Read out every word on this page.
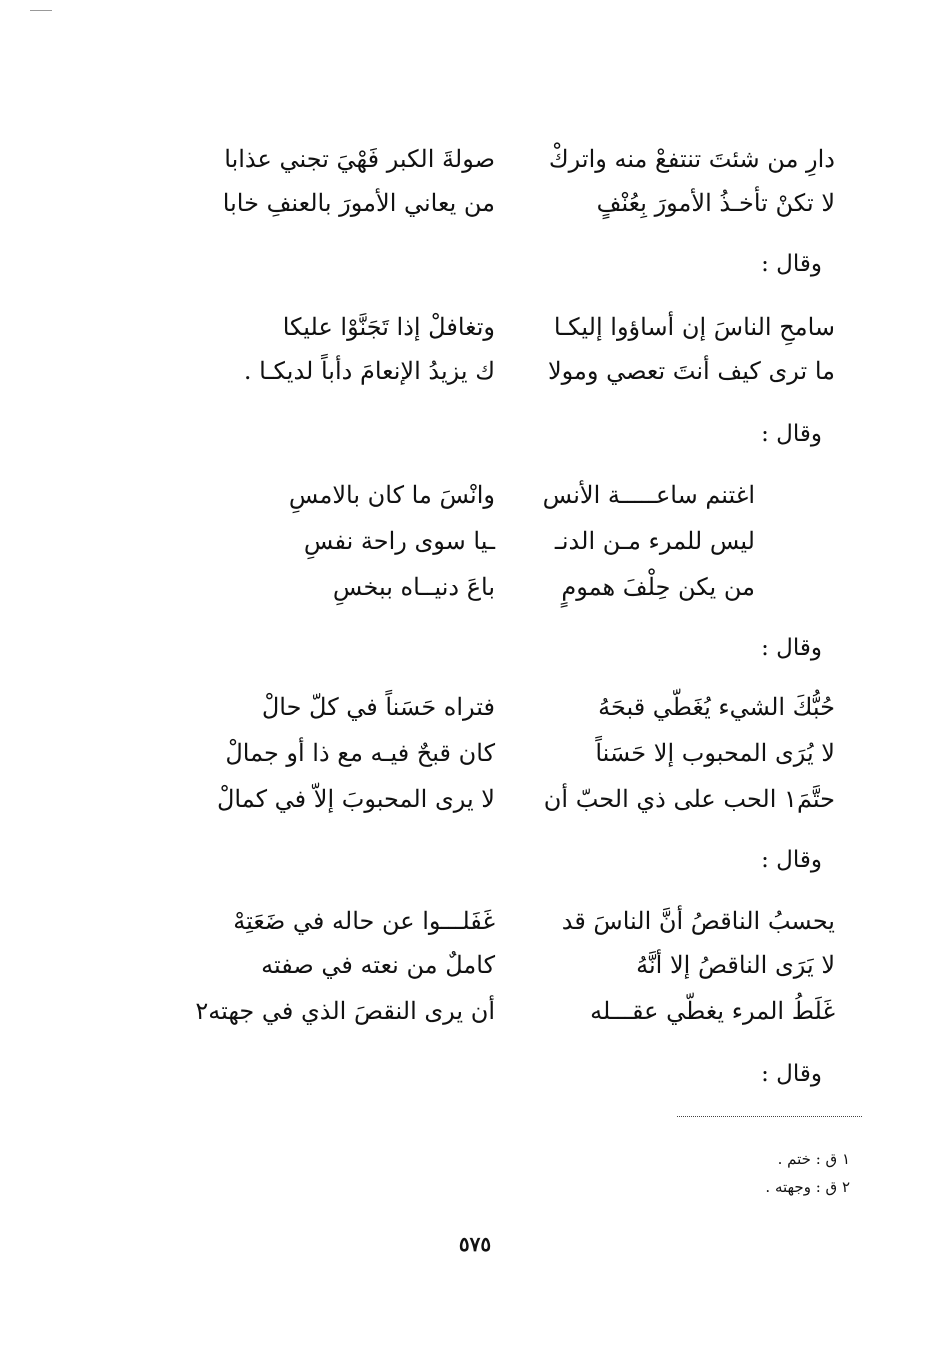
دارِ من شئتَ تنتفعْ منه واتركْ
صولةَ الكبر فَهْيَ تجني عذابا
لا تكنْ تأخـذُ الأمورَ بِعُنْفٍ
من يعاني الأمورَ بالعنفِ خابا
وقال :
سامحِ الناسَ إن أساؤوا إليكـا
وتغافلْ إذا تَجَنَّوْا عليكا
ما ترى كيف أنتَ تعصي ومولا
ك يزيدُ الإنعامَ دأباً لديكـا .
وقال :
اغتنم ساعـــــة الأنس
وانْسَ ما كان بالامسِ
ليس للمرء مـن الدنـ
ـيا سوى راحة نفسِ
من يكن حِلْفَ همومٍ
باعَ دنيــاه ببخسِ
وقال :
حُبُّكَ الشيء يُغَطّي قبحَهُ
فتراه حَسَناً في كلّ حالْ
لا يُرَى المحبوب إلا حَسَناً
كان قبحٌ فيـه مع ذا أو جمالْ
حتَّمَ١ الحب على ذي الحبّ أن
لا يرى المحبوبَ إلاّ في كمالْ
وقال :
يحسبُ الناقصُ أنَّ الناسَ قد
غَفَلـــوا عن حاله في ضَعَتِهْ
لا يَرَى الناقصُ إلا أنَّهُ
كاملٌ من نعته في صفته
غَلَطُ المرء يغطّي عقـــله
أن يرى النقصَ الذي في جهته٢
وقال :
١ ق : ختم .
٢ ق : وجهته .
٥٧٥
